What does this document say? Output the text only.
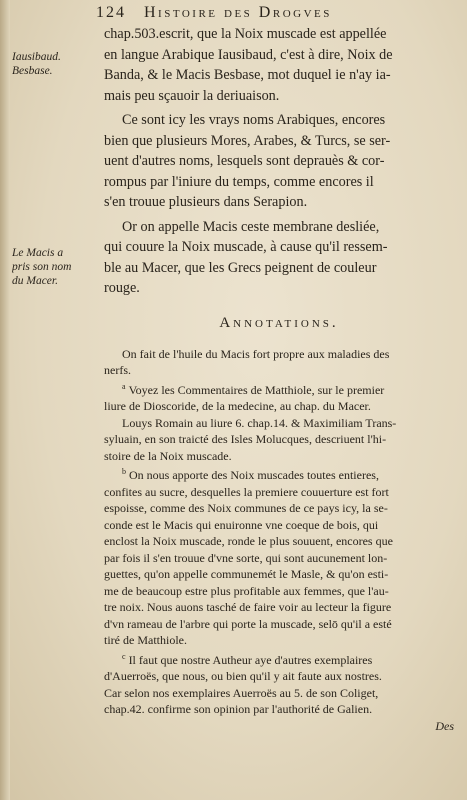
124 Histoire des Drogves
Iausibaud.
Besbase.
Le Macis a
pris son nom
du Macer.
chap.503.escrit, que la Noix muscade est appellée
en langue Arabique Iausibaud, c'est à dire, Noix de
Banda, & le Macis Besbase, mot duquel ie n'ay ia-
mais peu sçauoir la deriuaison.
Ce sont icy les vrays noms Arabiques, encores
bien que plusieurs Mores, Arabes, & Turcs, se ser-
uent d'autres noms, lesquels sont deprauès & cor-
rompus par l'iniure du temps, comme encores il
s'en trouue plusieurs dans Serapion.
Or on appelle Macis ceste membrane desliée,
qui couure la Noix muscade, à cause qu'il ressem-
ble au Macer, que les Grecs peignent de couleur
rouge.
Annotations.
On fait de l'huile du Macis fort propre aux maladies des
nerfs.
$^a$ Voyez les Commentaires de Matthiole, sur le premier
liure de Dioscoride, de la medecine, au chap. du Macer.
Louys Romain au liure 6. chap.14. & Maximiliam Trans-
syluain, en son traicté des Isles Molucques, descriuent l'hi-
stoire de la Noix muscade.
$^b$ On nous apporte des Noix muscades toutes entieres,
confites au sucre, desquelles la premiere couuerture est fort
espoisse, comme des Noix communes de ce pays icy, la se-
conde est le Macis qui enuironne vne coeque de bois, qui
enclost la Noix muscade, ronde le plus souuent, encores que
par fois il s'en trouue d'vne sorte, qui sont aucunement lon-
guettes, qu'on appelle communemét le Masle, & qu'on esti-
me de beaucoup estre plus profitable aux femmes, que l'au-
tre noix. Nous auons tasché de faire voir au lecteur la figure
d'vn rameau de l'arbre qui porte la muscade, selō qu'il a esté
tiré de Matthiole.
$^c$ Il faut que nostre Autheur aye d'autres exemplaires
d'Auerroës, que nous, ou bien qu'il y ait faute aux nostres.
Car selon nos exemplaires Auerroës au 5. de son Coliget,
chap.42. confirme son opinion par l'authorité de Galien.
Des
